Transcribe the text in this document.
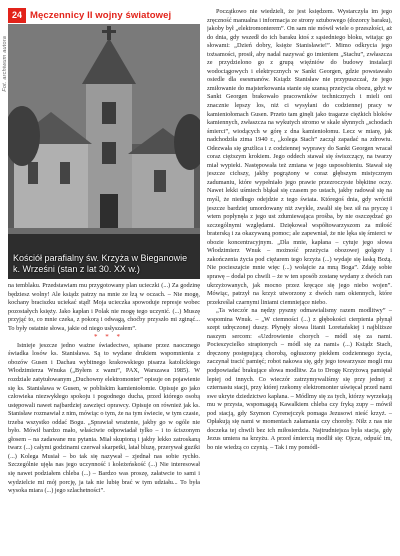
24 Męczennicy II wojny światowej
Fot. archiwum autora
Kościół parafialny św. Krzyża w Bieganowie
k. Wrześni (stan z lat 30. XX w.)

na temblaku. Przedstawiam mu przygotowany plan ucieczki (...) Za godzinę będziesz wolny! Ale ksiądz patrzy na mnie ze łzą w oczach. – Nie mogę, kochany braciszku uciekać stąd! Moja ucieczka spowoduje represje wobec pozostałych księży. Jako kapłan i Polak nie mogę tego uczynić. (...) Muszę przyjąć to, co mnie czeka, z pokorą i odwagą, choćby przyszło mi zginąć... To były ostatnie słowa, jakie od niego usłyszałem”.

* * *

Istnieje jeszcze jedno ważne świadectwo, spisane przez naocznego świadka losów ks. Stanisława. Są to wydane drukiem wspomnienia z obozów Gusen i Dachau wybitnego krakowskiego pisarza katolickiego Włodzimierza Wnuka („Byłem z wami”, PAX, Warszawa 1985). W rozdziale zatytułowanym „Duchowny elektromonter” opisuje on pojawienie się ks. Stanisława w Gusen, w pobliskim kamieniołomie. Opisuje go jako człowieka niezwykłego spokoju i pogodnego ducha, przed którego osobą ustępowali nawet najbardziej zawzięci oprawcy. Opisuje on również jak ks. Stanisław rozmawiał z nim, mówiąc o tym, że na tym świecie, w tym czasie, trzeba wszystko oddać Bogu. „Sprawiał wrażenie, jakby go w ogóle nie było. Mówił bardzo mało, właściwie odpowiadał tylko – i to ściszonym głosem – na zadawane mu pytania. Miał skupioną i jakby lekko zatroskaną twarz (...) całymi godzinami czerwał skarpetki, latał bluzę, przerywał guziki (...) Kolega Musiał – bo tak się nazywał – zjednał nas sobie rychło. Szczególnie ujęła nas jego uczynność i koleżeńskość (...) Nie interesował się nawet podziałem chleba (...) – Bardzo was proszę, załatwcie to sami i wydzielcie mi mój porcję, ja tak nie lubię brać w tym udziału... To była wysoka miara (...) jego szlachetności”.

Początkowo nie wiedzieli, że jest księdzem. Wystarczyła im jego zręczność manualna i informacja ze strony sztubowego (dozorcy baraku), jakoby był „elektromonterem”. On sam nie mówił wiele o przeszłości, aż do dnia, gdy wszedł do ich baraku ktoś z sąsiedniego bloku, witając go słowami: „Dzień dobry, księże Stanisławie!”. Mimo odkrycia jego tożsamości, prosił, aby nadal nazywać go imieniem „Stachu”, zwłaszcza ze przydzielono go z grupą więźniów do budowy instalacji wodociągowych i elektrycznych w Sankt Georgen, gdzie powstawało osiedle dla esesmanów. Ksiądz Stanisław nie przypuszczał, że jego zmiłowanie do majsterkowania stanie się szansą przeżycia obozu, gdyż w Sankt Georgen brakowało pracowników technicznych i mieli oni znacznie lepszy los, niż ci wysyłani do codziennej pracy w kamieniołomach Gusen. Przeto tam ginęli jako tragarze ciężkich bloków kamiennych, zwłaszcza na wykutych stromo w skale słynnych „schodach śmierci”, wiodących w górę z dna kamieniołomu. Lecz w miarę, jak nadchodziła zima 1940 r., „kolega Stach” zaczął zapadać na zdrowiu. Odezwała się grużlica i z codziennej wyprawy do Sankt Georgen wracał coraz cięższym krokiem. Jego oddech stawał się świszczący, na twarzy miał wypieki. Następowała też zmiana w jego usposobieniu. Stawał się jeszcze cichszy, jakby pogrążony w coraz głębszym mistycznym zadumaniu, które wypełniało jego prawie przezroczyste błękitne oczy. Nawet lekki uśmiech błąkał się czasem po ustach, jakby radował się na myśl, że niedługo odejdzie z tego świata. Któregoś dnia, gdy wróciił jeszcze bardziej umordowany niż zwykle, zwalił się bez sił na pryczę i wtem popłynęła z jego ust zdumiewająca prośba, by nie oszczędzać go szczególnymi względami. Dziękował współtowarzyszom za miłość braterską i za okazywaną pomoc; ale zapewniał, że nie lęka się śmierci w obozie koncentracyjnym. „Dla mnie, kapłana – cytuje jego słowa Włodzimierz Wnuk – możność przeżycia obozowej golgoty i zakończenia życia pod ciężarem tego krzyża (...) wydaje się łaską Bożą. Nie pocieszajcie mnie więc (...) wołajcie za mną Boga”. Zdaję sobie sprawę – dodał po chwili – że w ten sposób zostanę wydany z dwóch ran ukrzyżowanych, jak mocno przez kręcące się jego niebo wojen”. Mówiąc, patrzył na krzyż utworzony z dwóch ram okiennych, które przekreślał czarnymi liniami ciemniejące niebo.

„Ta wieczór na nędzy pyszny odmawialismy razem modlitwy” – wspomina Wnuk. – „W ciemności (...) z głębokości cierpienia płynął szept udręczonej duszy. Płynęły słowa litanii Loretańskiej i najbliższe naszym sercom: «Uzdrowienie chorych – módl się za nami. Pocieszycielko strapionych – módl się za nami» (...) Ksiądz Stach, dręczony postępującą chorobą, ogłuszony piekłem codziennego życia, zaczynał tracić pamięć; robot nakowa się, gdy jego towarzysze mogli mu podpowiadać brakujące słowa modlitw. Za to Drogę Krzyżową pamiętał lepiej od innych. Co wieczór zatrzymywaliśmy się przy jednej z czternastu stacji, przy której rzekomy elektromonter uświęcał przed nami swe ukryte dziedzictwo kapłana. – Módlmy się za tych, którzy wyrzekają mu w przysta, wspomagają Kawalkiem chleba czy fryką zupy – mówił pod stacją, gdy Szymon Cyrenejczyk pomaga Jezusowi nieść krzyż. – Opłakują się nami w momentach załamania czy choroby. Niłz z nas nie doczeka tej chwili bez ich miłosierdzia. Najtrudniejsza była stacja, gdy Jezus umiera na krzyżu. A przed śmiercią modlił się: Ojcze, odpuść im, bo nie wiedzą co czynią. – Tak i my pomódl-
